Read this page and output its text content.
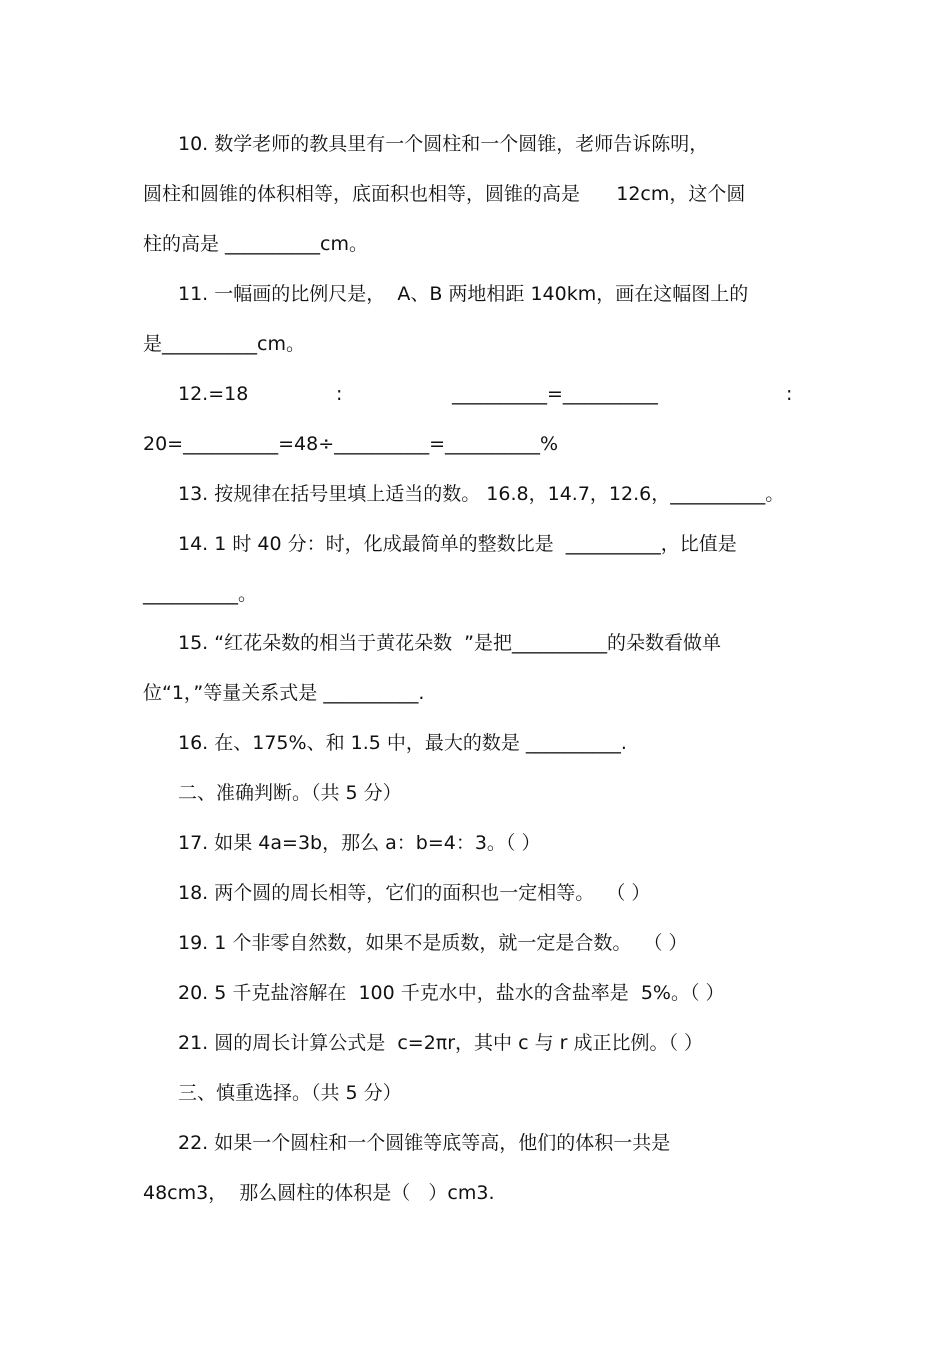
10. 数学老师的教具里有一个圆柱和一个圆锥，老师告诉陈明，
圆柱和圆锥的体积相等，底面积也相等，圆锥的高是      12cm，这个圆
柱的高是 __________cm。
11. 一幅画的比例尺是，  A、B 两地相距 140km，画在这幅图上的
是__________cm。
12.=18	:	__________=__________	:
20=__________=48÷__________=__________%
13. 按规律在括号里填上适当的数。 16.8，14.7，12.6，__________。
14. 1 时 40 分：时，化成最简单的整数比是  __________，比值是
__________。
15. “红花朵数的相当于黄花朵数  ”是把__________的朵数看做单
位“1，”等量关系式是 __________.
16. 在、175%、和 1.5 中，最大的数是 __________.
二、准确判断。（共 5 分）
17. 如果 4a=3b，那么 a：b=4：3。（ ）
18. 两个圆的周长相等，它们的面积也一定相等。  （ ）
19. 1 个非零自然数，如果不是质数，就一定是合数。  （ ）
20. 5 千克盐溶解在  100 千克水中，盐水的含盐率是  5%。（ ）
21. 圆的周长计算公式是  c=2πr，其中 c 与 r 成正比例。（ ）
三、慎重选择。（共 5 分）
22. 如果一个圆柱和一个圆锥等底等高，他们的体积一共是
48cm3，  那么圆柱的体积是（   ）cm3.
